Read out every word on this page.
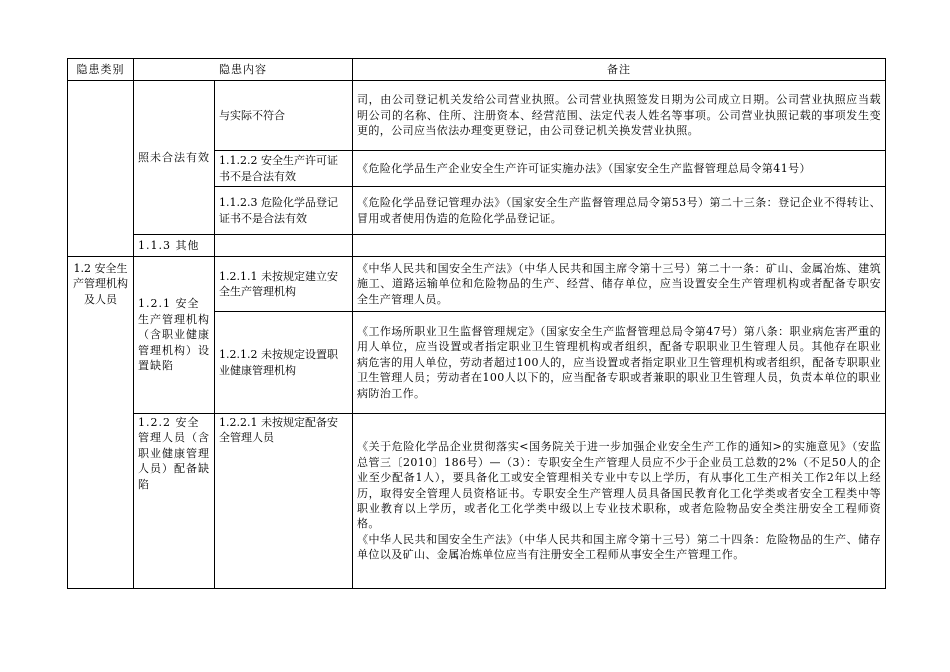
隐患类别	隐患内容		备注
	照未合法有效	与实际不符合	司，由公司登记机关发给公司营业执照。公司营业执照签发日期为公司成立日期。公司营业执照应当载明公司的名称、住所、注册资本、经营范围、法定代表人姓名等事项。公司营业执照记载的事项发生变更的，公司应当依法办理变更登记，由公司登记机关换发营业执照。
		1.1.2.2 安全生产许可证书不是合法有效	《危险化学品生产企业安全生产许可证实施办法》（国家安全生产监督管理总局令第41号）
		1.1.2.3 危险化学品登记证书不是合法有效	《危险化学品登记管理办法》（国家安全生产监督管理总局令第53号）第二十三条：登记企业不得转让、冒用或者使用伪造的危险化学品登记证。
	1.1.3 其他		
1.2 安全生产管理机构及人员	1.2.1 安全生产管理机构（含职业健康管理机构）设置缺陷	1.2.1.1 未按规定建立安全生产管理机构	《中华人民共和国安全生产法》（中华人民共和国主席令第十三号）第二十一条：矿山、金属冶炼、建筑施工、道路运输单位和危险物品的生产、经营、储存单位，应当设置安全生产管理机构或者配备专职安全生产管理人员。
		1.2.1.2 未按规定设置职业健康管理机构	《工作场所职业卫生监督管理规定》（国家安全生产监督管理总局令第47号）第八条：职业病危害严重的用人单位，应当设置或者指定职业卫生管理机构或者组织，配备专职职业卫生管理人员。其他存在职业病危害的用人单位，劳动者超过100人的，应当设置或者指定职业卫生管理机构或者组织，配备专职职业卫生管理人员；劳动者在100人以下的，应当配备专职或者兼职的职业卫生管理人员，负责本单位的职业病防治工作。
	1.2.2 安全管理人员（含职业健康管理人员）配备缺陷	1.2.2.1 未按规定配备安全管理人员	《关于危险化学品企业贯彻落实<国务院关于进一步加强企业安全生产工作的通知>的实施意见》（安监总管三〔2010〕186号）—（3）：专职安全生产管理人员应不少于企业员工总数的2%（不足50人的企业至少配备1人），要具备化工或安全管理相关专业中专以上学历，有从事化工生产相关工作2年以上经历，取得安全管理人员资格证书。专职安全生产管理人员具备国民教育化工化学类或者安全工程类中等职业教育以上学历，或者化工化学类中级以上专业技术职称，或者危险物品安全类注册安全工程师资格。

《中华人民共和国安全生产法》（中华人民共和国主席令第十三号）第二十四条：危险物品的生产、储存单位以及矿山、金属冶炼单位应当有注册安全工程师从事安全生产管理工作。
